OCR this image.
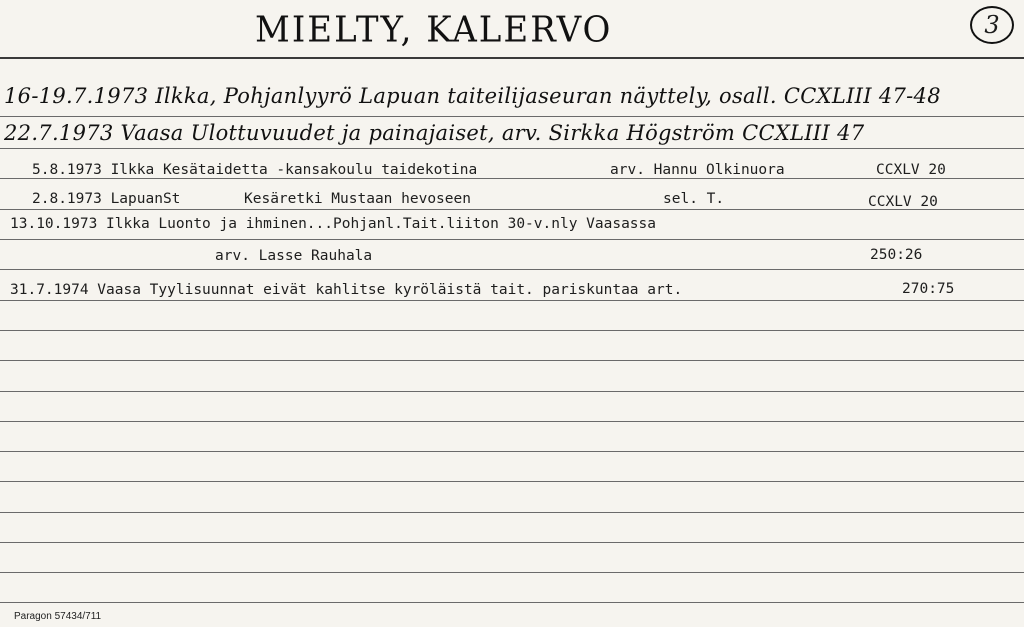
MIELTY, KALERVO	3
16-19.7.1973 Ilkka, Pohjanlyyrö Lapuan taiteilijaseuran näyttely, osall. CCXLIII 47-48
22.7.1973 Vaasa Ulottuvuudet ja painajaiset, arv. Sirkka Högström CCXLIII 47
5.8.1973 Ilkka Kesätaidetta -kansakoulu taidekotina	arv. Hannu Olkinuora	CCXLV 20
2.8.1973 LapuanSt	Kesäretki Mustaan hevoseen	sel. T.	CCXLV 20
13.10.1973 Ilkka Luonto ja ihminen...Pohjanl.Tait.liiton 30-v.nly Vaasassa
arv. Lasse Rauhala	250:26
31.7.1974 Vaasa Tyylisuunnat eivät kahlitse kyröläistä tait. pariskuntaa art.	270:75
Paragon 57434/711
